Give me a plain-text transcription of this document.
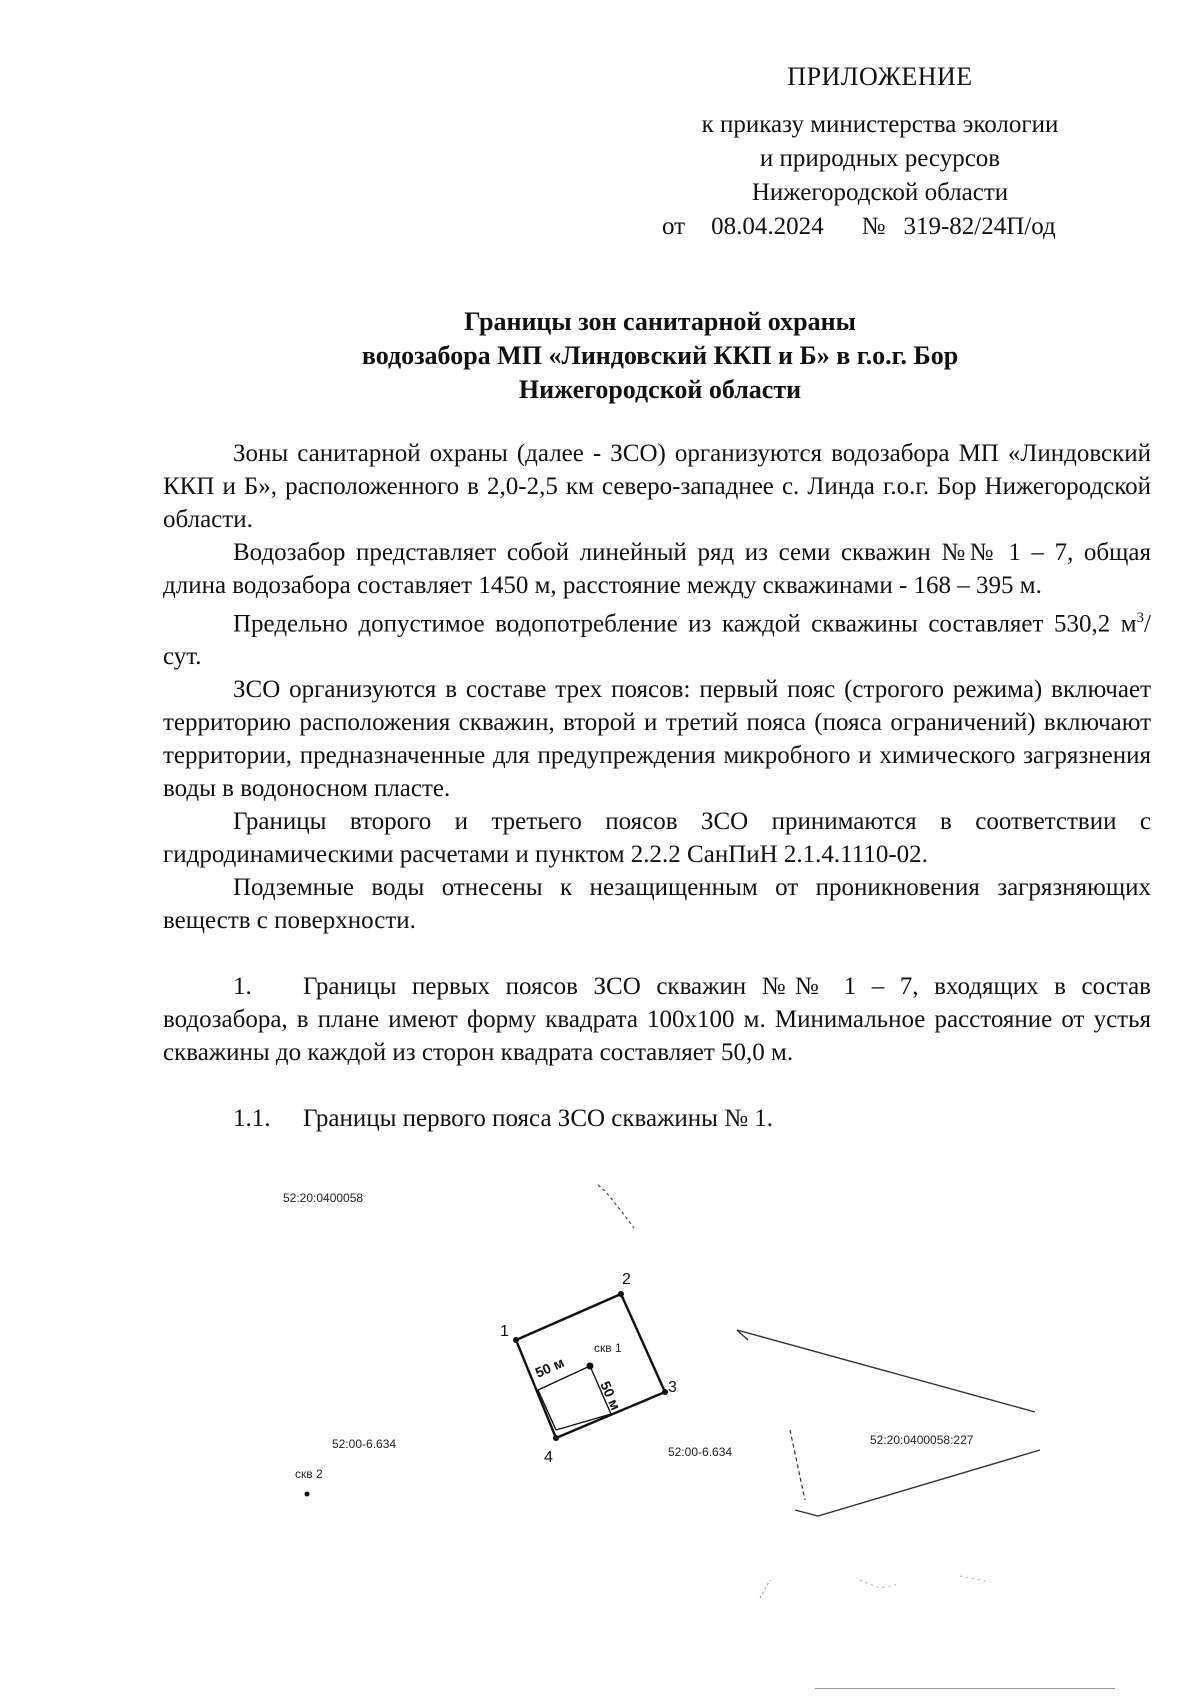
ПРИЛОЖЕНИЕ
к приказу министерства экологии
и природных ресурсов
Нижегородской области
от 08.04.2024 № 319-82/24П/од
Границы зон санитарной охраны
водозабора МП «Линдовский ККП и Б» в г.о.г. Бор
Нижегородской области

Зоны санитарной охраны (далее - ЗСО) организуются водозабора МП «Линдовский ККП и Б», расположенного в 2,0-2,5 км северо-западнее с. Линда г.о.г. Бор Нижегородской области.

Водозабор представляет собой линейный ряд из семи скважин №№ 1 – 7, общая длина водозабора составляет 1450 м, расстояние между скважинами - 168 – 395 м.

Предельно допустимое водопотребление из каждой скважины составляет 530,2 $м^3$/сут.

ЗСО организуются в составе трех поясов: первый пояс (строгого режима) включает территорию расположения скважин, второй и третий пояса (пояса ограничений) включают территории, предназначенные для предупреждения микробного и химического загрязнения воды в водоносном пласте.

Границы второго и третьего поясов ЗСО принимаются в соответствии с гидродинамическими расчетами и пунктом 2.2.2 СанПиН 2.1.4.1110-02.

Подземные воды отнесены к незащищенным от проникновения загрязняющих веществ с поверхности.

1. Границы первых поясов ЗСО скважин №№ 1 – 7, входящих в состав водозабора, в плане имеют форму квадрата 100х100 м. Минимальное расстояние от устья скважины до каждой из сторон квадрата составляет 50,0 м.

1.1. Границы первого пояса ЗСО скважины № 1.

52:20:0400058
52:20:0400058:227
50 м
50 м
скв 1
1
2
3
4
52:00-6.634
52:00-6.634
скв 2
